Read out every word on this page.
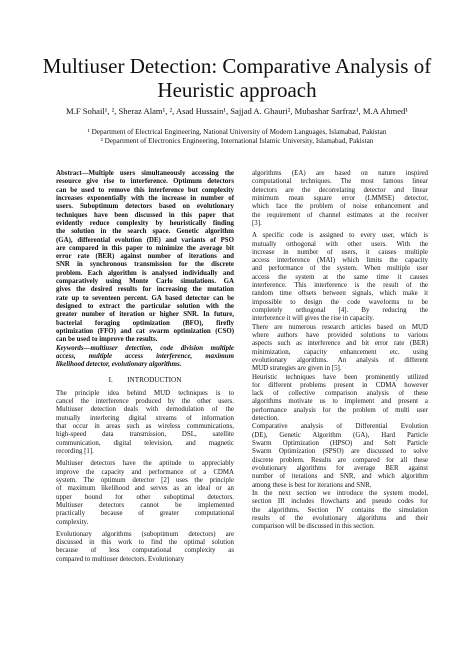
Multiuser Detection: Comparative Analysis of
Heuristic approach
M.F Sohail¹, ², Sheraz Alam¹, ², Asad Hussain¹, Sajjad A. Ghauri², Mubashar Sarfraz¹, M.A Ahmed¹
¹ Department of Electrical Engineering, National University of Modern Languages, Islamabad, Pakistan
² Department of Electronics Engineering, International Islamic University, Islamabad, Pakistan
Abstract—Multiple users simultaneously accessing the
resource give rise to interference. Optimum detectors
can be used to remove this interference but complexity
increases exponentially with the increase in number of
users. Suboptimum detectors based on evolutionary
techniques have been discussed in this paper that
evidently reduce complexity by heuristically finding
the solution in the search space. Genetic algorithm
(GA), differential evolution (DE) and variants of PSO
are compared in this paper to minimize the average bit
error rate (BER) against number of iterations and
SNR in synchronous transmission for the discrete
problem. Each algorithm is analysed individually and
comparatively using Monte Carlo simulations. GA
gives the desired results for increasing the mutation
rate up to seventeen percent. GA based detector can be
designed to extract the particular solution with the
greater number of iteration or higher SNR. In future,
bacterial foraging optimization (BFO), firefly
optimization (FFO) and cat swarm optimization (CSO)
can be used to improve the results.
Keywords—multiuser detection, code division multiple
access, multiple access interference, maximum
likelihood detector, evolutionary algorithms.
I.  INTRODUCTION
The principle idea behind MUD techniques is to
cancel the interference produced by the other users.
Multiuser detection deals with demodulation of the
mutually interfering digital streams of information
that occur in areas such as wireless communications,
high-speed data transmission, DSL, satellite
communication, digital television, and magnetic
recording [1].
Multiuser detectors have the aptitude to appreciably
improve the capacity and performance of a CDMA
system. The optimum detector [2] uses the principle
of maximum likelihood and serves as an ideal or an
upper bound for other suboptimal detectors.
Multiuser detectors cannot be implemented
practically because of greater computational
complexity.
Evolutionary algorithms (suboptimum detectors) are
discussed in this work to find the optimal solution
because of less computational complexity as
compared to multiuser detectors. Evolutionary
algorithms (EA) are based on nature inspired
computational techniques. The most famous linear
detectors are the decorrelating detector and linear
minimum mean square error (LMMSE) detector,
which face the problem of noise enhancement and
the requirement of channel estimates at the receiver
[3].
A specific code is assigned to every user, which is
mutually orthogonal with other users. With the
increase in number of users, it causes multiple
access interference (MAI) which limits the capacity
and performance of the system. When multiple user
access the system at the same time it causes
interference. This interference is the result of the
random time offsets between signals, which make it
impossible to design the code waveforms to be
completely orthogonal [4]. By reducing the
interference it will gives the rise in capacity.
There are numerous research articles based on MUD
where authors have provided solutions to various
aspects such as interference and bit error rate (BER)
minimization, capacity enhancement etc. using
evolutionary algorithms. An analysis of different
MUD strategies are given in [5].
Heuristic techniques have been prominently utilized
for different problems present in CDMA however
lack of collective comparison analysis of these
algorithms motivate us to implement and present a
performance analysis for the problem of multi user
detection.
Comparative analysis of Differential Evolution
(DE), Genetic Algorithm (GA), Hard Particle
Swarm Optimization (HPSO) and Soft Particle
Swarm Optimization (SPSO) are discussed to solve
discrete problem. Results are compared for all these
evolutionary algorithms for average BER against
number of iterations and SNR, and which algorithm
among these is best for iterations and SNR.
In the next section we introduce the system model,
section III includes flowcharts and pseudo codes for
the algorithms. Section IV contains the simulation
results of the evolutionary algorithms and their
comparison will be discussed in this section.
